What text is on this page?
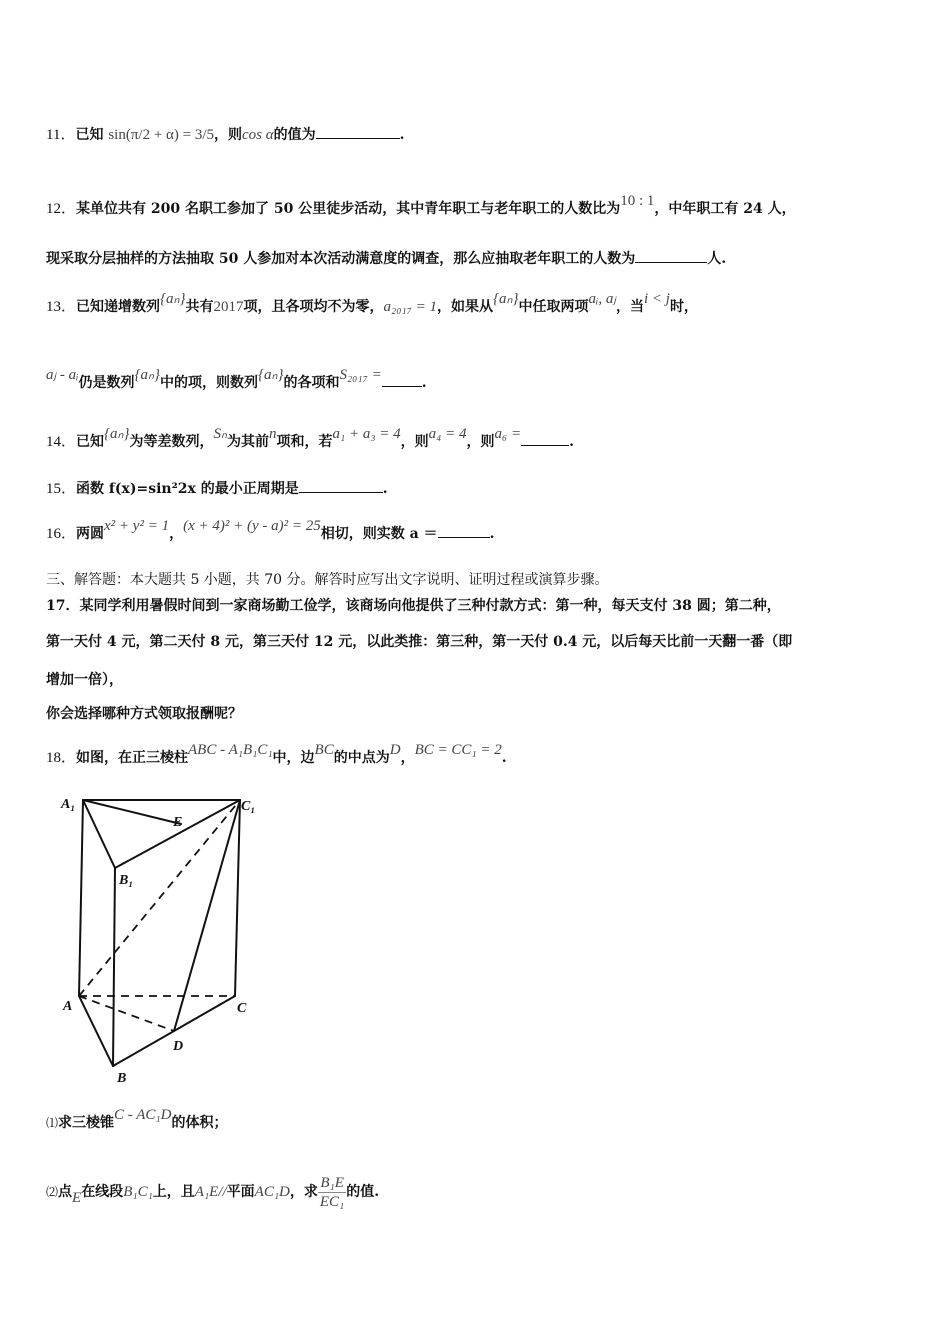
11．已知 sin(π/2 + α) = 3/5，则cos α的值为	.
12．某单位共有 200 名职工参加了 50 公里徒步活动，其中青年职工与老年职工的人数比为10 : 1，中年职工有 24 人，
现采取分层抽样的方法抽取 50 人参加对本次活动满意度的调查，那么应抽取老年职工的人数为	人.
13．已知递增数列{aₙ}共有2017项，且各项均不为零，a₂₀₁₇ = 1，如果从{aₙ}中任取两项aᵢ, aⱼ，当i < j时，
aⱼ - aᵢ仍是数列{aₙ}中的项，则数列{aₙ}的各项和S₂₀₁₇ =	.
14．已知{aₙ}为等差数列，Sₙ为其前n项和，若a₁ + a₃ = 4，则a₄ = 4，则a₆ =	.
15．函数 f(x)=sin²2x 的最小正周期是	.
16．两圆x² + y² = 1，(x + 4)² + (y - a)² = 25相切，则实数 a ＝	.
三、解答题：本大题共 5 小题，共 70 分。解答时应写出文字说明、证明过程或演算步骤。
17．某同学利用暑假时间到一家商场勤工俭学，该商场向他提供了三种付款方式：第一种，每天支付 38 圆；第二种，
第一天付 4 元，第二天付 8 元，第三天付 12 元，以此类推：第三种，第一天付 0.4 元，以后每天比前一天翻一番（即
增加一倍），
你会选择哪种方式领取报酬呢？
18．如图，在正三棱柱ABC - A₁B₁C₁中，边BC的中点为D，BC = CC₁ = 2.
A₁	C₁
E
B₁
A	C
D
B
⑴求三棱锥C - AC₁D的体积；
⑵点E在线段B₁C₁上，且A₁E//平面AC₁D，求 $\frac{\text{B₁E}}{\text{EC₁}}$ 的值.
